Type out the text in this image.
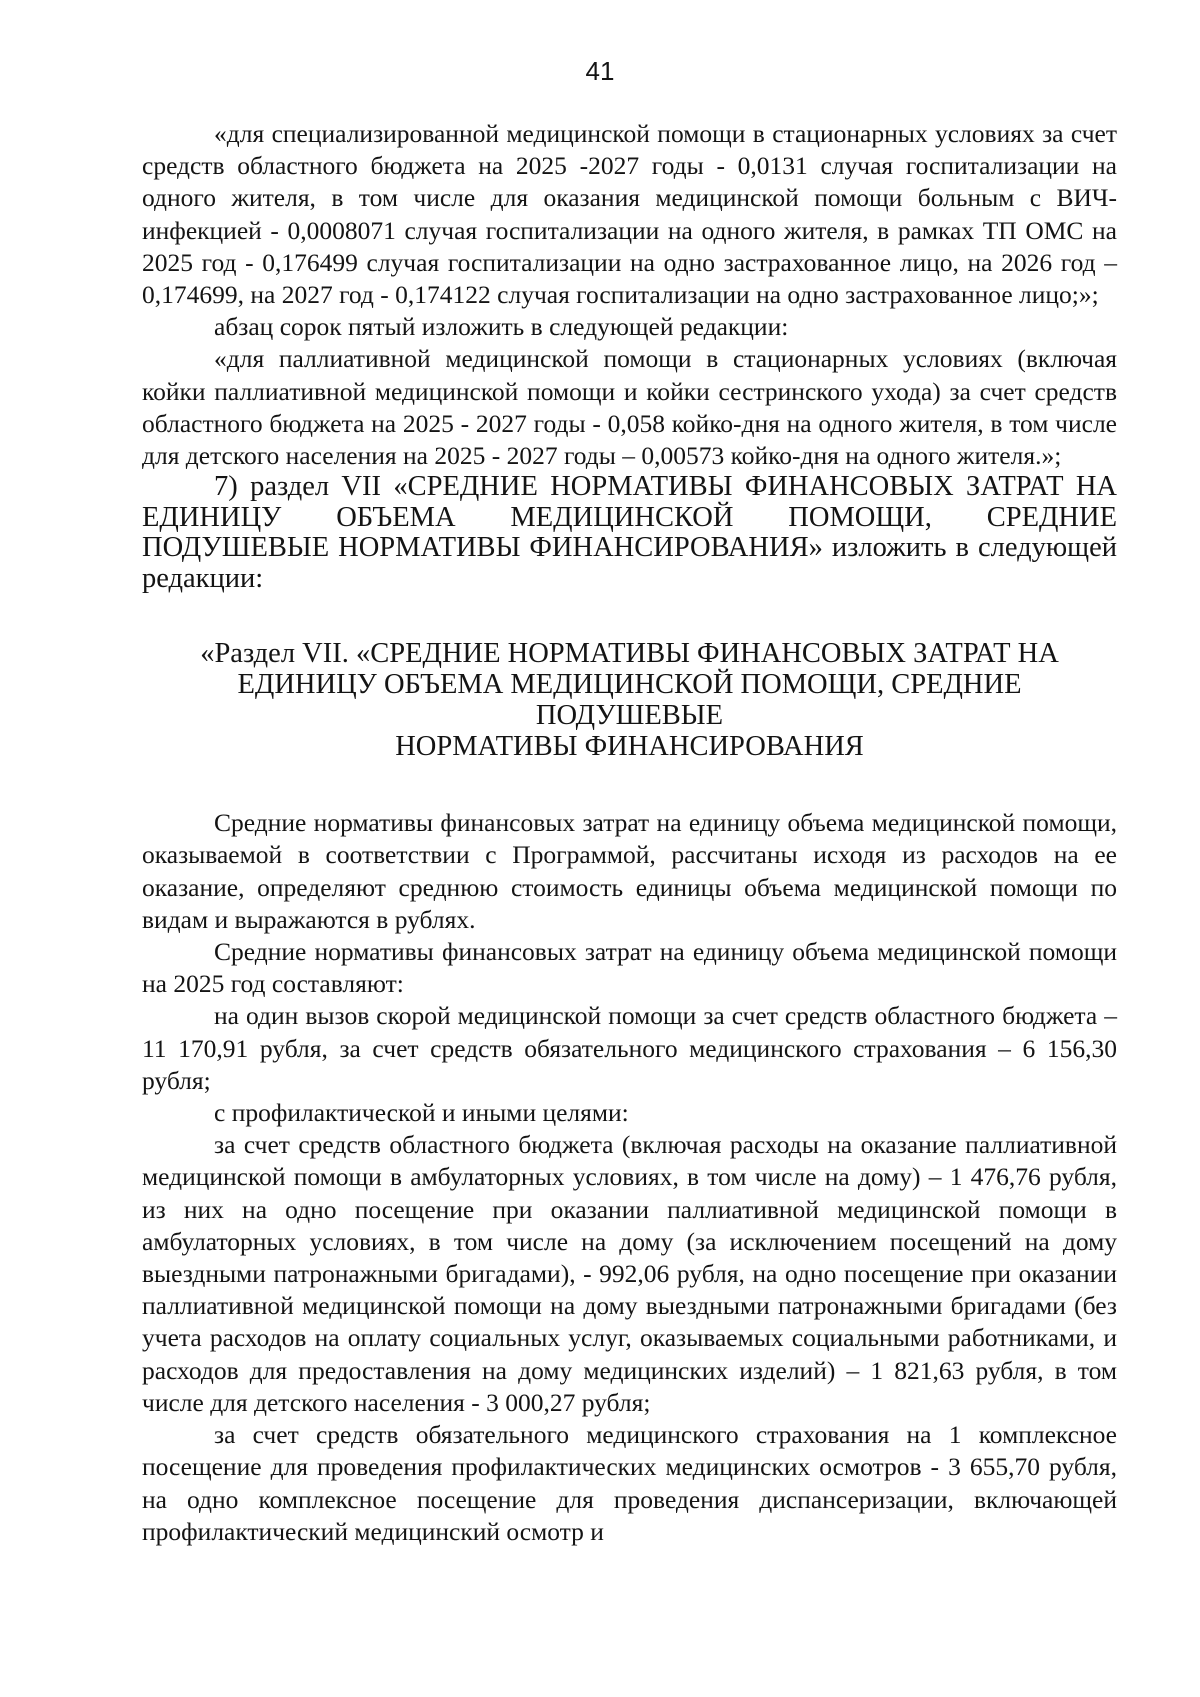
41

«для специализированной медицинской помощи в стационарных условиях за счет средств областного бюджета на 2025 -2027 годы - 0,0131 случая госпитализации на одного жителя, в том числе для оказания медицинской помощи больным с ВИЧ-инфекцией - 0,0008071 случая госпитализации на одного жителя, в рамках ТП ОМС на 2025 год - 0,176499 случая госпитализации на одно застрахованное лицо, на 2026 год – 0,174699, на 2027 год - 0,174122 случая госпитализации на одно застрахованное лицо;»;

абзац сорок пятый изложить в следующей редакции:

«для паллиативной медицинской помощи в стационарных условиях (включая койки паллиативной медицинской помощи и койки сестринского ухода) за счет средств областного бюджета на 2025 - 2027 годы - 0,058 койко-дня на одного жителя, в том числе для детского населения на 2025 - 2027 годы – 0,00573 койко-дня на одного жителя.»;

7) раздел VII «СРЕДНИЕ НОРМАТИВЫ ФИНАНСОВЫХ ЗАТРАТ НА ЕДИНИЦУ ОБЪЕМА МЕДИЦИНСКОЙ ПОМОЩИ, СРЕДНИЕ ПОДУШЕВЫЕ НОРМАТИВЫ ФИНАНСИРОВАНИЯ» изложить в следующей редакции:

«Раздел VII. «СРЕДНИЕ НОРМАТИВЫ ФИНАНСОВЫХ ЗАТРАТ НА
ЕДИНИЦУ ОБЪЕМА МЕДИЦИНСКОЙ ПОМОЩИ, СРЕДНИЕ ПОДУШЕВЫЕ
НОРМАТИВЫ ФИНАНСИРОВАНИЯ

Средние нормативы финансовых затрат на единицу объема медицинской помощи, оказываемой в соответствии с Программой, рассчитаны исходя из расходов на ее оказание, определяют среднюю стоимость единицы объема медицинской помощи по видам и выражаются в рублях.

Средние нормативы финансовых затрат на единицу объема медицинской помощи на 2025 год составляют:

на один вызов скорой медицинской помощи за счет средств областного бюджета – 11 170,91 рубля, за счет средств обязательного медицинского страхования – 6 156,30 рубля;

с профилактической и иными целями:

за счет средств областного бюджета (включая расходы на оказание паллиативной медицинской помощи в амбулаторных условиях, в том числе на дому) – 1 476,76 рубля, из них на одно посещение при оказании паллиативной медицинской помощи в амбулаторных условиях, в том числе на дому (за исключением посещений на дому выездными патронажными бригадами), - 992,06 рубля, на одно посещение при оказании паллиативной медицинской помощи на дому выездными патронажными бригадами (без учета расходов на оплату социальных услуг, оказываемых социальными работниками, и расходов для предоставления на дому медицинских изделий) – 1 821,63 рубля, в том числе для детского населения - 3 000,27 рубля;

за счет средств обязательного медицинского страхования на 1 комплексное посещение для проведения профилактических медицинских осмотров - 3 655,70 рубля, на одно комплексное посещение для проведения диспансеризации, включающей профилактический медицинский осмотр и
